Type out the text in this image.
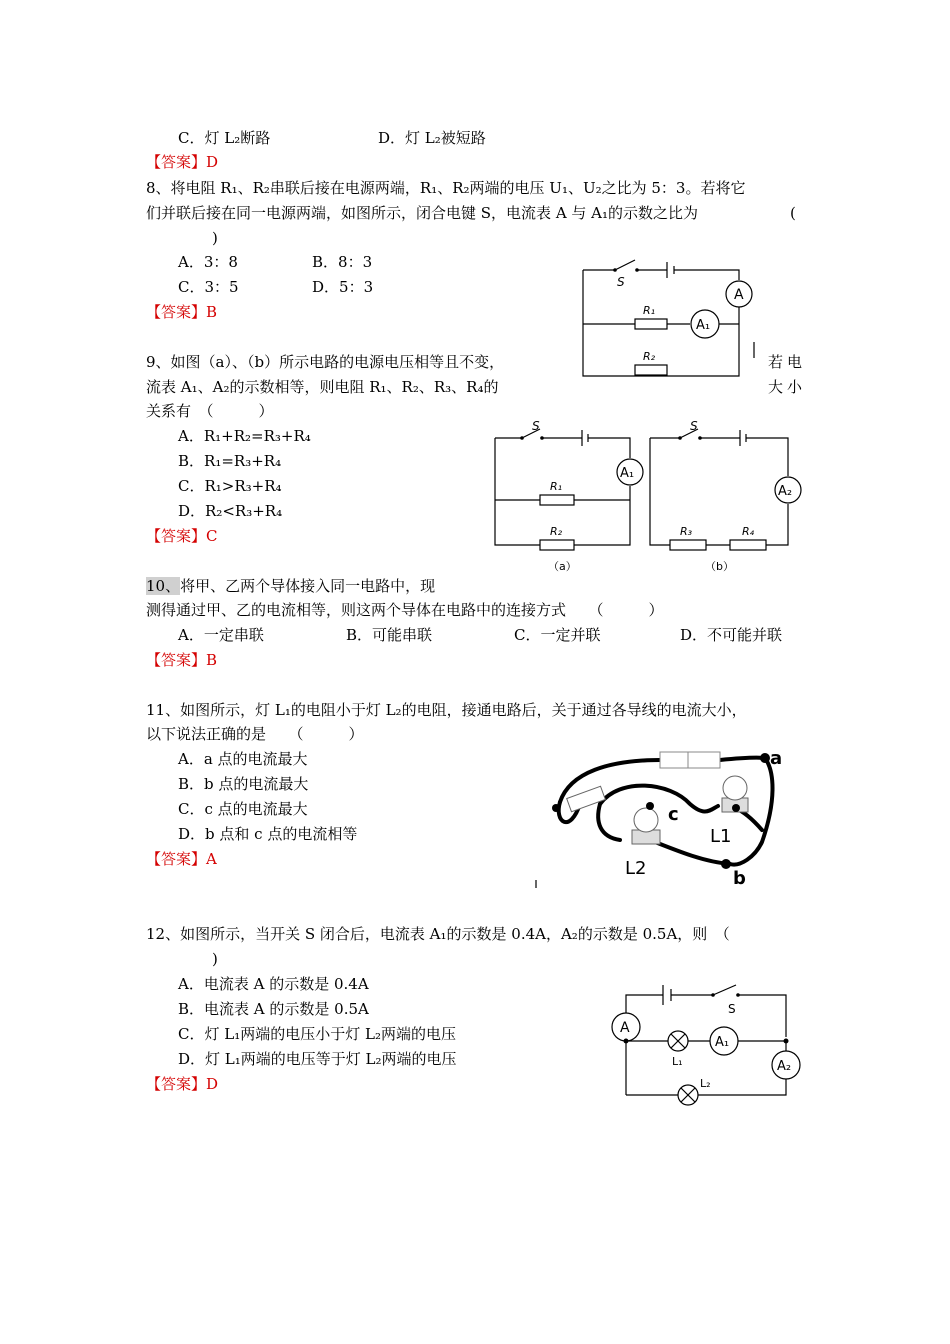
C．灯 L₂断路	D．灯 L₂被短路
【答案】D
8、将电阻 R₁、R₂串联后接在电源两端，R₁、R₂两端的电压 U₁、U₂之比为 5：3。若将它
们并联后接在同一电源两端，如图所示，闭合电键 S，电流表 A 与 A₁的示数之比为	(
)
A．3：8	B．8：3
C．3：5	D．5：3
【答案】B
S
A
A₁
R₁
R₂
9、如图（a）、（b）所示电路的电源电压相等且不变，	若电
流表 A₁、A₂的示数相等，则电阻 R₁、R₂、R₃、R₄的	大小
关系有　（　　　）
A．R₁+R₂=R₃+R₄
B．R₁=R₃+R₄
C．R₁>R₃+R₄
D．R₂<R₃+R₄
【答案】C
S	S
A₁
A₂
R₁
R₂	R₃	R₄
（a）	（b）
10、将甲、乙两个导体接入同一电路中，现
测得通过甲、乙的电流相等，则这两个导体在电路中的连接方式　　（　　　）
A．一定串联	B．可能串联	C．一定并联	D．不可能并联
【答案】B
11、如图所示，灯 L₁的电阻小于灯 L₂的电阻，接通电路后，关于通过各导线的电流大小，
以下说法正确的是　　（　　　）
A．a 点的电流最大
B．b 点的电流最大
C．c 点的电流最大
D．b 点和 c 点的电流相等
【答案】A
a
b
c
L1
L2
12、如图所示，当开关 S 闭合后，电流表 A₁的示数是 0.4A，A₂的示数是 0.5A，则　（
)
A．电流表 A 的示数是 0.4A
B．电流表 A 的示数是 0.5A
C．灯 L₁两端的电压小于灯 L₂两端的电压
D．灯 L₁两端的电压等于灯 L₂两端的电压
【答案】D
S
A
A₁
A₂
L₁
L₂
